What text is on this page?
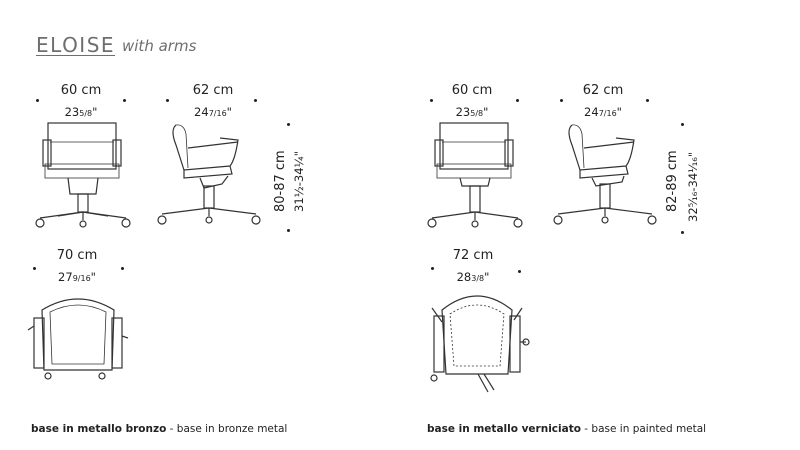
ELOISE with arms
60 cm
235/8"
62 cm
247/16"
80-87 cm 31½-34¼"
70 cm
279/16"
base in metallo bronzo - base in bronze metal
60 cm
235/8"
62 cm
247/16"
82-89 cm 32⁵⁄₁₆-34¹⁄₁₆"
72 cm
283/8"
base in metallo verniciato - base in painted metal
